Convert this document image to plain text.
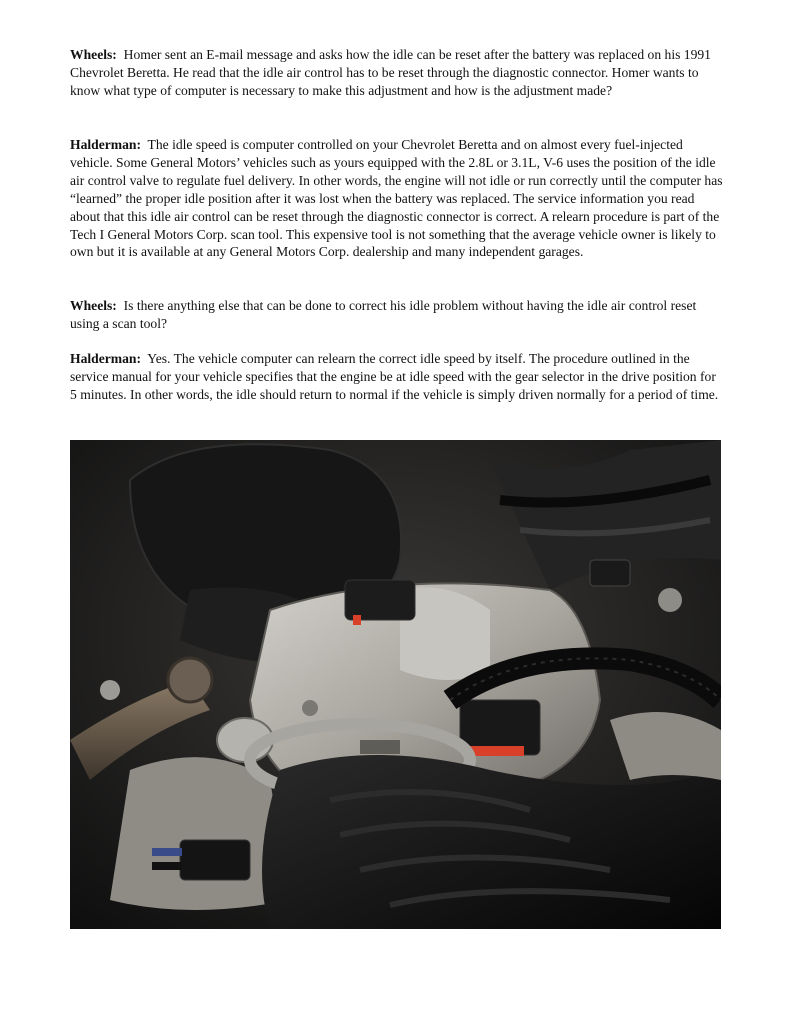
Wheels: Homer sent an E-mail message and asks how the idle can be reset after the battery was replaced on his 1991 Chevrolet Beretta. He read that the idle air control has to be reset through the diagnostic connector. Homer wants to know what type of computer is necessary to make this adjustment and how is the adjustment made?

Halderman: The idle speed is computer controlled on your Chevrolet Beretta and on almost every fuel-injected vehicle. Some General Motors’ vehicles such as yours equipped with the 2.8L or 3.1L, V-6 uses the position of the idle air control valve to regulate fuel delivery. In other words, the engine will not idle or run correctly until the computer has “learned” the proper idle position after it was lost when the battery was replaced. The service information you read about that this idle air control can be reset through the diagnostic connector is correct. A relearn procedure is part of the Tech I General Motors Corp. scan tool. This expensive tool is not something that the average vehicle owner is likely to own but it is available at any General Motors Corp. dealership and many independent garages.

Wheels: Is there anything else that can be done to correct his idle problem without having the idle air control reset using a scan tool?

Halderman: Yes. The vehicle computer can relearn the correct idle speed by itself. The procedure outlined in the service manual for your vehicle specifies that the engine be at idle speed with the gear selector in the drive position for 5 minutes. In other words, the idle should return to normal if the vehicle is simply driven normally for a period of time.
